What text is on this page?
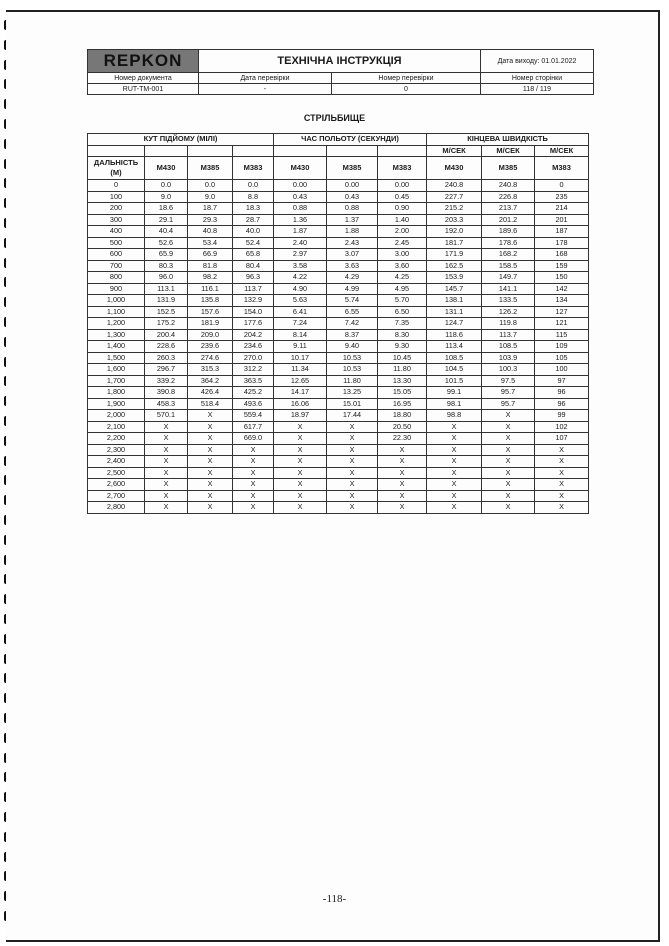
REPKON	ТЕХНІЧНА ІНСТРУКЦІЯ		Дата виходу: 01.01.2022
Номер документа	Дата перевірки	Номер перевірки	Номер сторінки
RUT-TM-001	-	0	118 / 119
СТРІЛЬБИЩЕ
КУТ ПІДЙОМУ (МІЛІ)				ЧАС ПОЛЬОТУ (СЕКУНДИ)			КІНЦЕВА ШВИДКІСТЬ		
							М/СЕК	М/СЕК	М/СЕК
ДАЛЬНІСТЬ (М)	M430	M385	M383	M430	M385	M383	M430	M385	M383
0	0.0	0.0	0.0	0.00	0.00	0.00	240.8	240.8	0
100	9.0	9.0	8.8	0.43	0.43	0.45	227.7	226.8	235
200	18.6	18.7	18.3	0.88	0.88	0.90	215.2	213.7	214
300	29.1	29.3	28.7	1.36	1.37	1.40	203.3	201.2	201
400	40.4	40.8	40.0	1.87	1.88	2.00	192.0	189.6	187
500	52.6	53.4	52.4	2.40	2.43	2.45	181.7	178.6	178
600	65.9	66.9	65.8	2.97	3.07	3.00	171.9	168.2	168
700	80.3	81.8	80.4	3.58	3.63	3.60	162.5	158.5	159
800	96.0	98.2	96.3	4.22	4.29	4.25	153.9	149.7	150
900	113.1	116.1	113.7	4.90	4.99	4.95	145.7	141.1	142
1,000	131.9	135.8	132.9	5.63	5.74	5.70	138.1	133.5	134
1,100	152.5	157.6	154.0	6.41	6.55	6.50	131.1	126.2	127
1,200	175.2	181.9	177.6	7.24	7.42	7.35	124.7	119.8	121
1,300	200.4	209.0	204.2	8.14	8.37	8.30	118.6	113.7	115
1,400	228.6	239.6	234.6	9.11	9.40	9.30	113.4	108.5	109
1,500	260.3	274.6	270.0	10.17	10.53	10.45	108.5	103.9	105
1,600	296.7	315.3	312.2	11.34	10.53	11.80	104.5	100.3	100
1,700	339.2	364.2	363.5	12.65	11.80	13.30	101.5	97.5	97
1,800	390.8	426.4	425.2	14.17	13.25	15.05	99.1	95.7	96
1,900	458.3	518.4	493.6	16.06	15.01	16.95	98.1	95.7	96
2,000	570.1	X	559.4	18.97	17.44	18.80	98.8	X	99
2,100	X	X	617.7	X	X	20.50	X	X	102
2,200	X	X	669.0	X	X	22.30	X	X	107
2,300	X	X	X	X	X	X	X	X	X
2,400	X	X	X	X	X	X	X	X	X
2,500	X	X	X	X	X	X	X	X	X
2,600	X	X	X	X	X	X	X	X	X
2,700	X	X	X	X	X	X	X	X	X
2,800	X	X	X	X	X	X	X	X	X
-118-
